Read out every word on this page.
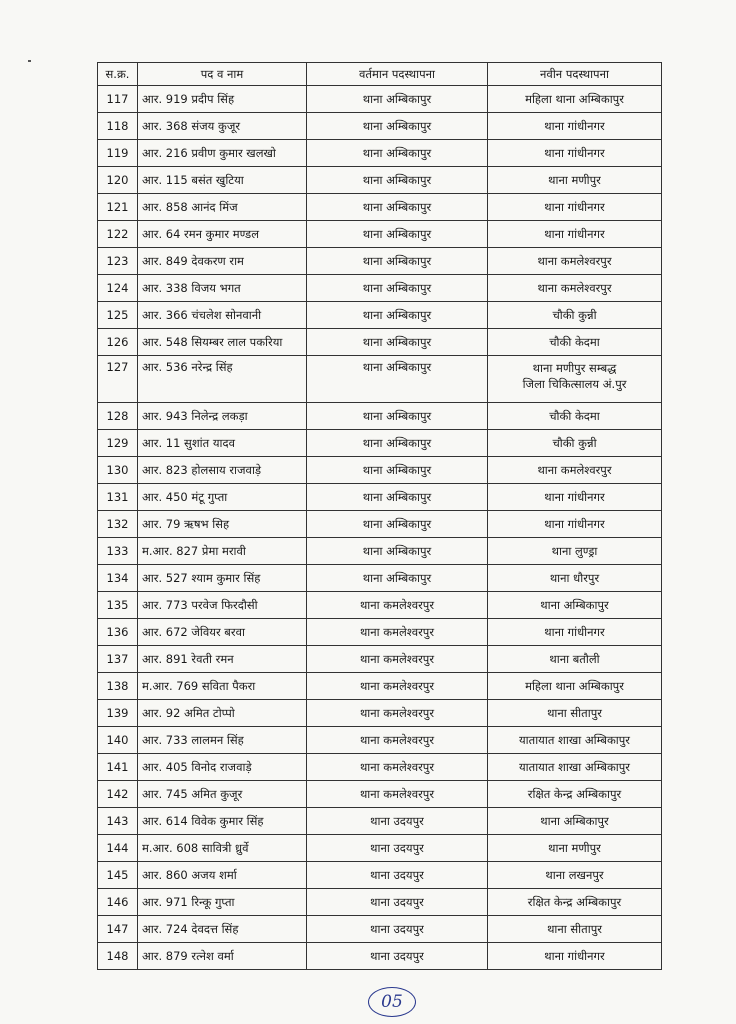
स.क्र.	पद व नाम	वर्तमान पदस्थापना	नवीन पदस्थापना
117	आर. 919 प्रदीप सिंह	थाना अम्बिकापुर	महिला थाना अम्बिकापुर
118	आर. 368 संजय कुजूर	थाना अम्बिकापुर	थाना गांधीनगर
119	आर. 216 प्रवीण कुमार खलखो	थाना अम्बिकापुर	थाना गांधीनगर
120	आर. 115 बसंत खुटिया	थाना अम्बिकापुर	थाना मणीपुर
121	आर. 858 आनंद मिंज	थाना अम्बिकापुर	थाना गांधीनगर
122	आर. 64 रमन कुमार मण्डल	थाना अम्बिकापुर	थाना गांधीनगर
123	आर. 849 देवकरण राम	थाना अम्बिकापुर	थाना कमलेश्वरपुर
124	आर. 338 विजय भगत	थाना अम्बिकापुर	थाना कमलेश्वरपुर
125	आर. 366 चंचलेश सोनवानी	थाना अम्बिकापुर	चौकी कुन्नी
126	आर. 548 सियम्बर लाल पकरिया	थाना अम्बिकापुर	चौकी केदमा
127	आर. 536 नरेन्द्र सिंह	थाना अम्बिकापुर	थाना मणीपुर सम्बद्ध
जिला चिकित्सालय अं.पुर

128	आर. 943 निलेन्द्र लकड़ा	थाना अम्बिकापुर	चौकी केदमा
129	आर. 11 सुशांत यादव	थाना अम्बिकापुर	चौकी कुन्नी
130	आर. 823 होलसाय राजवाड़े	थाना अम्बिकापुर	थाना कमलेश्वरपुर
131	आर. 450 मंटू गुप्ता	थाना अम्बिकापुर	थाना गांधीनगर
132	आर. 79 ऋषभ सिह	थाना अम्बिकापुर	थाना गांधीनगर
133	म.आर. 827 प्रेमा मरावी	थाना अम्बिकापुर	थाना लुण्ड्रा
134	आर. 527 श्याम कुमार सिंह	थाना अम्बिकापुर	थाना धौरपुर
135	आर. 773 परवेज फिरदौसी	थाना कमलेश्वरपुर	थाना अम्बिकापुर
136	आर. 672 जेवियर बरवा	थाना कमलेश्वरपुर	थाना गांधीनगर
137	आर. 891 रेवती रमन	थाना कमलेश्वरपुर	थाना बतौली
138	म.आर. 769 सविता पैकरा	थाना कमलेश्वरपुर	महिला थाना अम्बिकापुर
139	आर. 92 अमित टोप्पो	थाना कमलेश्वरपुर	थाना सीतापुर
140	आर. 733 लालमन सिंह	थाना कमलेश्वरपुर	यातायात शाखा अम्बिकापुर
141	आर. 405 विनोद राजवाड़े	थाना कमलेश्वरपुर	यातायात शाखा अम्बिकापुर
142	आर. 745 अमित कुजूर	थाना कमलेश्वरपुर	रक्षित केन्द्र अम्बिकापुर
143	आर. 614 विवेक कुमार सिंह	थाना उदयपुर	थाना अम्बिकापुर
144	म.आर. 608 सावित्री ध्रुर्वे	थाना उदयपुर	थाना मणीपुर
145	आर. 860 अजय शर्मा	थाना उदयपुर	थाना लखनपुर
146	आर. 971 रिन्कू गुप्ता	थाना उदयपुर	रक्षित केन्द्र अम्बिकापुर
147	आर. 724 देवदत्त सिंह	थाना उदयपुर	थाना सीतापुर
148	आर. 879 रत्नेश वर्मा	थाना उदयपुर	थाना गांधीनगर
05
